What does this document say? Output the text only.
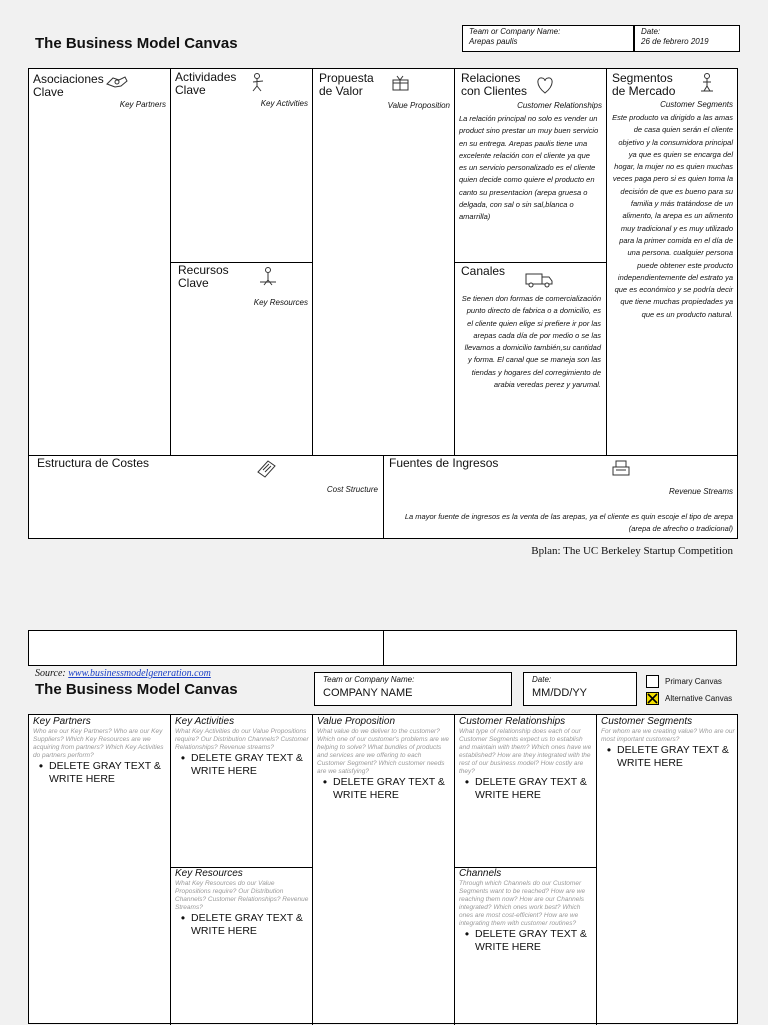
The Business Model Canvas
Team or Company Name:
Arepas paulis
Date:
26 de febrero 2019
Asociaciones Clave
Key Partners
Actividades Clave
Key Activities
Recursos Clave
Key Resources
Propuesta de Valor
Value Proposition
Relaciones con Clientes
Customer Relationships
La relación principal no solo es vender un product sino prestar un muy buen servicio en su entrega. Arepas paulis tiene una excelente relación con el cliente ya que es un servicio personalizado es el cliente quien decide como quiere el producto en canto su presentacion (arepa gruesa o delgada, con sal o sin sal,blanca o amarrilla)
Canales
Se tienen don formas de comercialización punto directo de fabrica o a domicilio, es el cliente quien elige si prefiere ir por las arepas cada día de por medio o se las llevamos a domicilio también,su cantidad y forma. El canal que se maneja son las tiendas y hogares del corregimiento de arabia veredas perez y yarumal.
Segmentos de Mercado
Customer Segments
Este producto va dirigido a las amas de casa quien serán el cliente objetivo y la consumidora principal ya que es quien se encarga del hogar, la mujer no es quien muchas veces paga pero si es quien toma la decisión de que es bueno para su familia y más tratándose de un alimento, la arepa es un alimento muy tradicional y es muy utilizado para la primer comida en el día de una persona. cualquier persona puede obtener este producto independientemente del estrato ya que es económico y se podría decir que tiene muchas propiedades ya que es un producto natural.
Estructura de Costes
Cost Structure
Fuentes de Ingresos
Revenue Streams
La mayor fuente de ingresos es la venta de las arepas, ya el cliente es quin escoje el tipo de arepa (arepa de afrecho o tradicional)
Bplan: The UC Berkeley Startup Competition
Source: www.businessmodelgeneration.com
The Business Model Canvas
Team or Company Name:
COMPANY NAME
Date:
MM/DD/YY
Primary Canvas
Alternative Canvas
Key Partners
Who are our Key Partners? Who are our Key Suppliers? Which Key Resources are we acquiring from partners? Which Key Activities do partners perform?
• DELETE GRAY TEXT & WRITE HERE
Key Activities
What Key Activities do our Value Propositions require? Our Distribution Channels? Customer Relationships? Revenue streams?
• DELETE GRAY TEXT & WRITE HERE
Key Resources
What Key Resources do our Value Propositions require? Our Distribution Channels? Customer Relationships? Revenue Streams?
• DELETE GRAY TEXT & WRITE HERE
Value Proposition
What value do we deliver to the customer? Which one of our customer's problems are we helping to solve? What bundles of products and services are we offering to each Customer Segment? Which customer needs are we satisfying?
• DELETE GRAY TEXT & WRITE HERE
Customer Relationships
What type of relationship does each of our Customer Segments expect us to establish and maintain with them? Which ones have we established? How are they integrated with the rest of our business model? How costly are they?
• DELETE GRAY TEXT & WRITE HERE
Channels
Through which Channels do our Customer Segments want to be reached? How are we reaching them now? How are our Channels integrated? Which ones work best? Which ones are most cost-efficient? How are we integrating them with customer routines?
• DELETE GRAY TEXT & WRITE HERE
Customer Segments
For whom are we creating value? Who are our most important customers?
• DELETE GRAY TEXT & WRITE HERE
